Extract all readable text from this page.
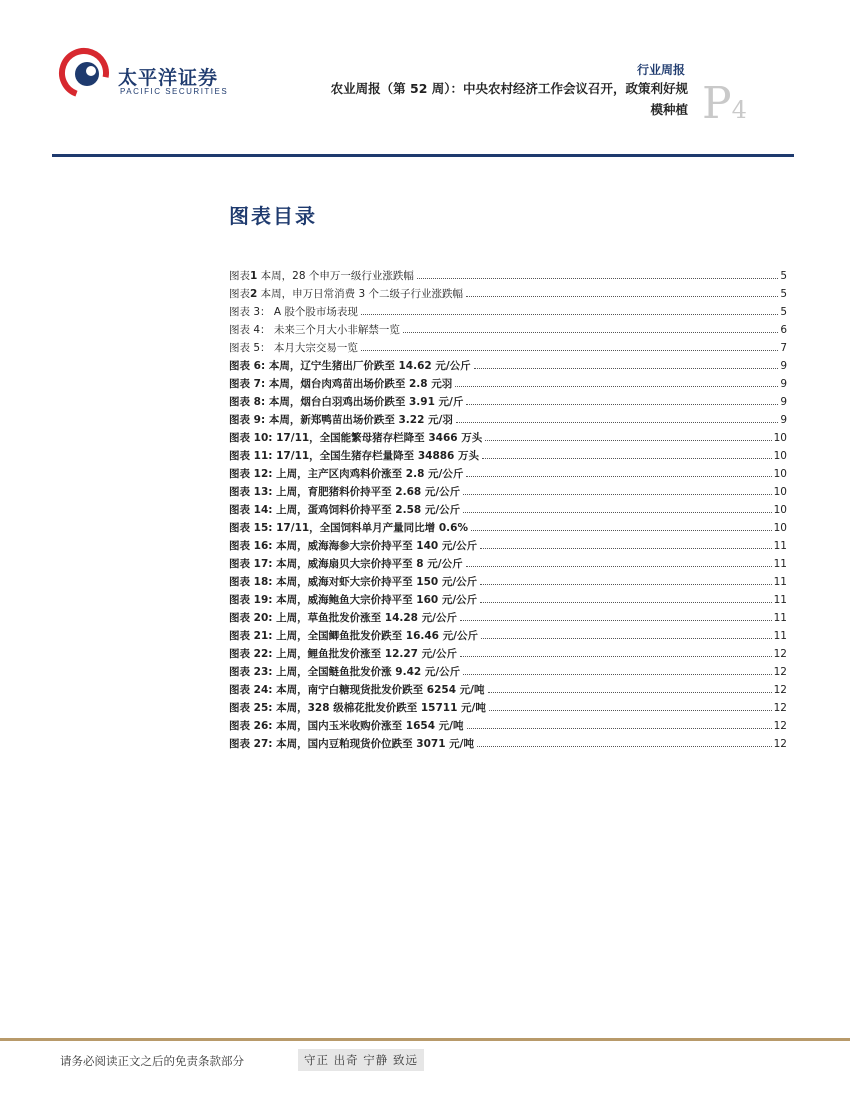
太平洋证券
PACIFIC SECURITIES
行业周报
农业周报（第 52 周）：中央农村经济工作会议召开，政策利好规
模种植 P4
图表目录
图表1 本周，28 个申万一级行业涨跌幅	5
图表2 本周，申万日常消费 3 个二级子行业涨跌幅	5
图表 3： A 股个股市场表现	5
图表 4： 未来三个月大小非解禁一览	6
图表 5： 本月大宗交易一览	7
图表 6: 本周，辽宁生猪出厂价跌至 14.62 元/公斤	9
图表 7: 本周，烟台肉鸡苗出场价跌至 2.8 元羽	9
图表 8: 本周，烟台白羽鸡出场价跌至 3.91 元/斤	9
图表 9: 本周，新郑鸭苗出场价跌至 3.22 元/羽	9
图表 10: 17/11，全国能繁母猪存栏降至 3466 万头	10
图表 11: 17/11，全国生猪存栏量降至 34886 万头	10
图表 12: 上周，主产区肉鸡料价涨至 2.8 元/公斤	10
图表 13: 上周，育肥猪料价持平至 2.68 元/公斤	10
图表 14: 上周，蛋鸡饲料价持平至 2.58 元/公斤	10
图表 15: 17/11，全国饲料单月产量同比增 0.6%	10
图表 16: 本周，威海海参大宗价持平至 140 元/公斤	11
图表 17: 本周，威海扇贝大宗价持平至 8 元/公斤	11
图表 18: 本周，威海对虾大宗价持平至 150 元/公斤	11
图表 19: 本周，威海鲍鱼大宗价持平至 160 元/公斤	11
图表 20: 上周，草鱼批发价涨至 14.28 元/公斤	11
图表 21: 上周，全国鲫鱼批发价跌至 16.46 元/公斤	11
图表 22: 上周，鲤鱼批发价涨至 12.27 元/公斤	12
图表 23: 上周，全国鲢鱼批发价涨 9.42 元/公斤	12
图表 24: 本周，南宁白糖现货批发价跌至 6254 元/吨	12
图表 25: 本周，328 级棉花批发价跌至 15711 元/吨	12
图表 26: 本周，国内玉米收购价涨至 1654 元/吨	12
图表 27: 本周，国内豆粕现货价位跌至 3071 元/吨	12
请务必阅读正文之后的免责条款部分	守正 出奇 宁静 致远
